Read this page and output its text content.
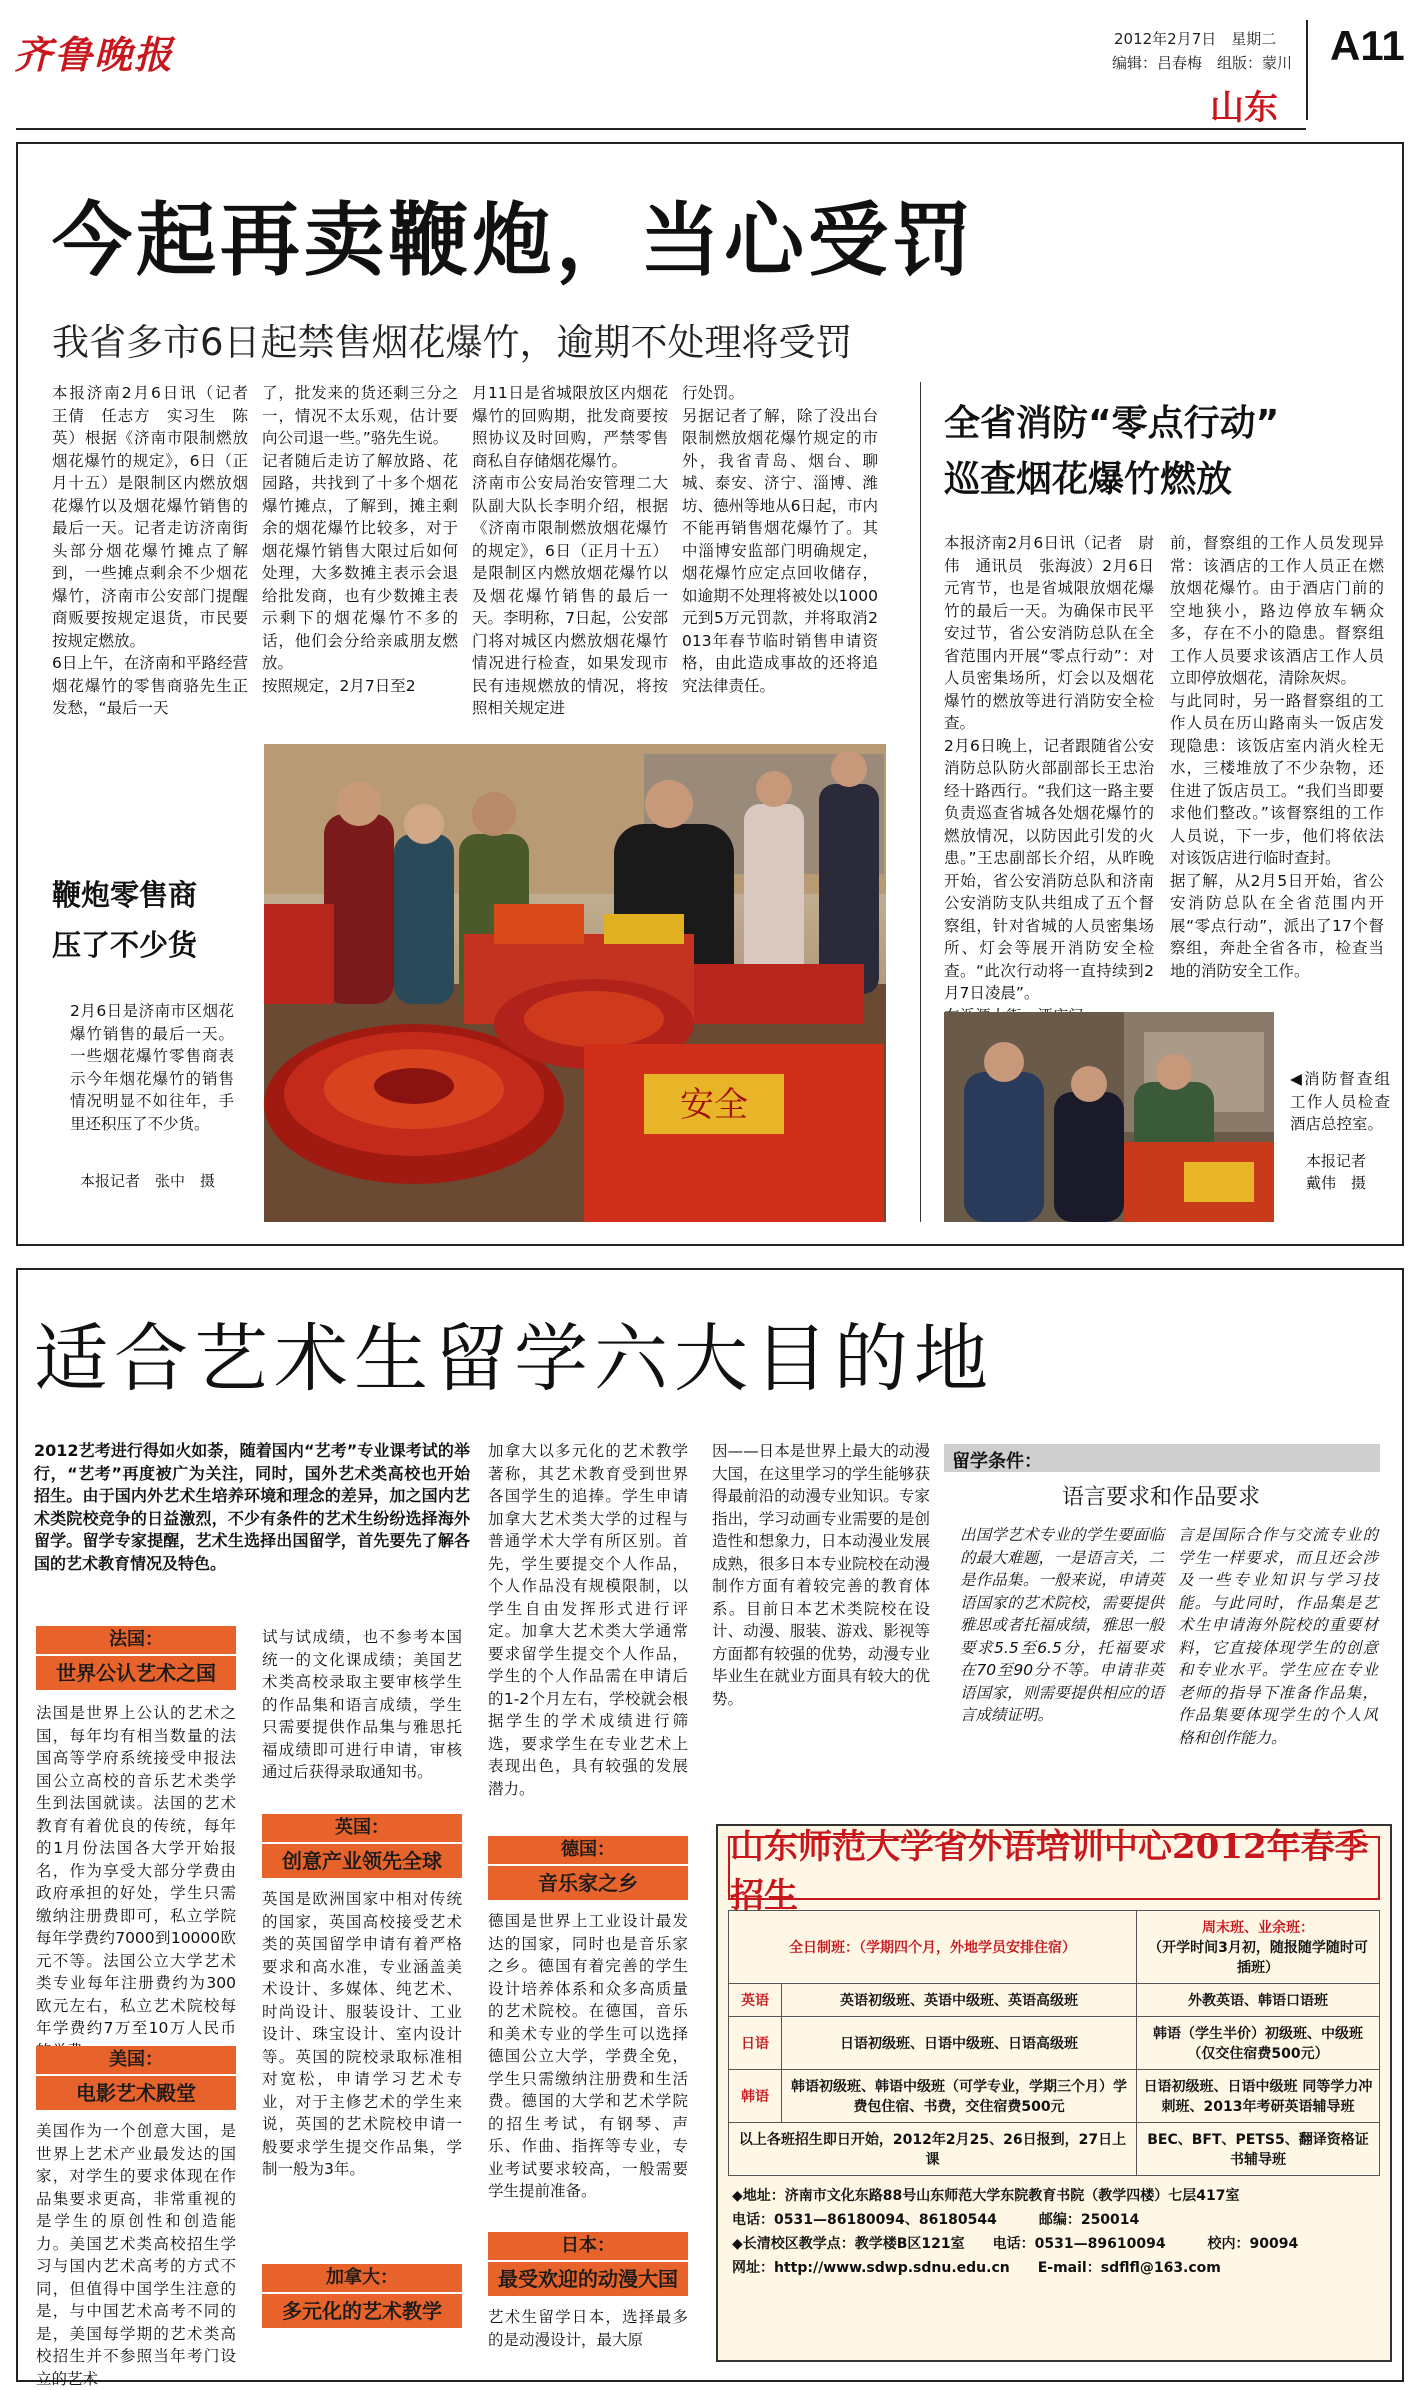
齐鲁晚报	2012年2月7日　星期二
编辑：吕春梅　组版：蒙川 A11
山东
今起再卖鞭炮，当心受罚
我省多市6日起禁售烟花爆竹，逾期不处理将受罚
本报济南2月6日讯（记者　王倩　任志方　实习生　陈英）根据《济南市限制燃放烟花爆竹的规定》，6日（正月十五）是限制区内燃放烟花爆竹以及烟花爆竹销售的最后一天。记者走访济南街头部分烟花爆竹摊点了解到，一些摊点剩余不少烟花爆竹，济南市公安部门提醒商贩要按规定退货，市民要按规定燃放。
6日上午，在济南和平路经营烟花爆竹的零售商骆先生正发愁，“最后一天
了，批发来的货还剩三分之一，情况不太乐观，估计要向公司退一些。”骆先生说。
记者随后走访了解放路、花园路，共找到了十多个烟花爆竹摊点，了解到，摊主剩余的烟花爆竹比较多，对于烟花爆竹销售大限过后如何处理，大多数摊主表示会退给批发商，也有少数摊主表示剩下的烟花爆竹不多的话，他们会分给亲戚朋友燃放。
按照规定，2月7日至2
月11日是省城限放区内烟花爆竹的回购期，批发商要按照协议及时回购，严禁零售商私自存储烟花爆竹。
济南市公安局治安管理二大队副大队长李明介绍，根据《济南市限制燃放烟花爆竹的规定》，6日（正月十五）是限制区内燃放烟花爆竹以及烟花爆竹销售的最后一天。李明称，7日起，公安部门将对城区内燃放烟花爆竹情况进行检查，如果发现市民有违规燃放的情况，将按照相关规定进
行处罚。
另据记者了解，除了没出台限制燃放烟花爆竹规定的市外，我省青岛、烟台、聊城、泰安、济宁、淄博、潍坊、德州等地从6日起，市内不能再销售烟花爆竹了。其中淄博安监部门明确规定，烟花爆竹应定点回收储存，如逾期不处理将被处以1000元到5万元罚款，并将取消2013年春节临时销售申请资格，由此造成事故的还将追究法律责任。
鞭炮零售商
压了不少货
2月6日是济南市区烟花爆竹销售的最后一天。一些烟花爆竹零售商表示今年烟花爆竹的销售情况明显不如往年，手里还积压了不少货。
本报记者　张中　摄
安全
全省消防“零点行动”
巡查烟花爆竹燃放
本报济南2月6日讯（记者　尉伟　通讯员　张海波）2月6日元宵节，也是省城限放烟花爆竹的最后一天。为确保市民平安过节，省公安消防总队在全省范围内开展“零点行动”：对人员密集场所，灯会以及烟花爆竹的燃放等进行消防安全检查。
2月6日晚上，记者跟随省公安消防总队防火部副部长王忠治经十路西行。“我们这一路主要负责巡查省城各处烟花爆竹的燃放情况，以防因此引发的火患。”王忠副部长介绍，从昨晚开始，省公安消防总队和济南公安消防支队共组成了五个督察组，针对省城的人员密集场所、灯会等展开消防安全检查。“此次行动将一直持续到2月7日凌晨”。

前，督察组的工作人员发现异常：该酒店的工作人员正在燃放烟花爆竹。由于酒店门前的空地狭小，路边停放车辆众多，存在不小的隐患。督察组工作人员要求该酒店工作人员立即停放烟花，清除灰烬。
与此同时，另一路督察组的工作人员在历山路南头一饭店发现隐患：该饭店室内消火栓无水，三楼堆放了不少杂物，还住进了饭店员工。“我们当即要求他们整改。”该督察组的工作人员说，下一步，他们将依法对该饭店进行临时查封。
据了解，从2月5日开始，省公安消防总队在全省范围内开展“零点行动”，派出了17个督察组，奔赴全省各市，检查当地的消防安全工作。
◀消防督查组工作人员检查酒店总控室。
本报记者
戴伟　摄
适合艺术生留学六大目的地
2012艺考进行得如火如荼，随着国内“艺考”专业课考试的举行，“艺考”再度被广为关注，同时，国外艺术类高校也开始招生。由于国内外艺术生培养环境和理念的差异，加之国内艺术类院校竞争的日益激烈，不少有条件的艺术生纷纷选择海外留学。留学专家提醒，艺术生选择出国留学，首先要先了解各国的艺术教育情况及特色。
法国：
世界公认艺术之国
法国是世界上公认的艺术之国，每年均有相当数量的法国高等学府系统接受申报法国公立高校的音乐艺术类学生到法国就读。法国的艺术教育有着优良的传统，每年的1月份法国各大学开始报名，作为享受大部分学费由政府承担的好处，学生只需缴纳注册费即可，私立学院每年学费约7000到10000欧元不等。法国公立大学艺术类专业每年注册费约为300欧元左右，私立艺术院校每年学费约7万至10万人民币
美国：
电影艺术殿堂
美国作为一个创意大国，是世界上艺术产业最发达的国家，对学生的要求体现在作品集要求更高，非常重视的是学生的原创性和创造能力。美国艺术类高校招生学习与国内艺术高考的方式不同，但值得中国学生注意的是，与中国艺术高考不同的是，美国每学期的艺术类高校招生并不参照当年考门设立的艺术
试与试成绩，也不参考本国统一的文化课成绩；美国艺术类高校录取主要审核学生的作品集和语言成绩，学生只需要提供作品集与雅思托福成绩即可进行申请，审核通过后获得录取通知书。
英国：
创意产业领先全球
英国是欧洲国家中相对传统的国家，英国高校接受艺术类的英国留学申请有着严格要求和高水准，专业涵盖美术设计、多媒体、纯艺术、时尚设计、服装设计、工业设计、珠宝设计、室内设计等。英国的院校录取标准相对宽松，申请学习艺术专业，对于主修艺术的学生来说，英国的艺术院校申请一般要求学生提交作品集，学制一般为3年。
加拿大：
多元化的艺术教学
加拿大以多元化的艺术教学著称，其艺术教育受到世界各国学生的追捧。学生申请加拿大艺术类大学的过程与普通学术大学有所区别。首先，学生要提交个人作品，个人作品没有规模限制，以学生自由发挥形式进行评定。加拿大艺术类大学通常要求留学生提交个人作品，学生的个人作品需在申请后的1-2个月左右，学校就会根据学生的学术成绩进行筛选，要求学生在专业艺术上表现出色，具有较强的发展潜力。
德国：
音乐家之乡
德国是世界上工业设计最发达的国家，同时也是音乐家之乡。德国有着完善的学生设计培养体系和众多高质量的艺术院校。在德国，音乐和美术专业的学生可以选择德国公立大学，学费全免，学生只需缴纳注册费和生活费。德国的大学和艺术学院的招生考试，有钢琴、声乐、作曲、指挥等专业，专业考试要求较高，一般需要学生提前准备。
日本：
最受欢迎的动漫大国
艺术生留学日本，选择最多的是动漫设计，最大原
因——日本是世界上最大的动漫大国，在这里学习的学生能够获得最前沿的动漫专业知识。专家指出，学习动画专业需要的是创造性和想象力，日本动漫业发展成熟，很多日本专业院校在动漫制作方面有着较完善的教育体系。目前日本艺术类院校在设计、动漫、服装、游戏、影视等方面都有较强的优势，动漫专业毕业生在就业方面具有较大的优势。
留学条件：
语言要求和作品要求
出国学艺术专业的学生要面临的最大难题，一是语言关，二是作品集。一般来说，申请英语国家的艺术院校，需要提供雅思或者托福成绩，雅思一般要求5.5至6.5分，托福要求在70至90分不等。申请非英语国家，则需要提供相应的语言成绩证明。
言是国际合作与交流专业的学生一样要求，而且还会涉及一些专业知识与学习技能。与此同时，作品集是艺术生申请海外院校的重要材料，它直接体现学生的创意和专业水平。学生应在专业老师的指导下准备作品集，作品集要体现学生的个人风格和创作能力。
山东师范大学省外语培训中心2012年春季招生
全日制班：（学期四个月，外地学员安排住宿）		周末班、业余班：
（开学时间3月初，随报随学随时可插班）

英语	英语初级班、英语中级班、英语高级班	外教英语、韩语口语班
日语	日语初级班、日语中级班、日语高级班	韩语（学生半价）初级班、中级班（仅交住宿费500元）
韩语	韩语初级班、韩语中级班（可学专业，学期三个月）学费包住宿、书费，交住宿费500元	日语初级班、日语中级班 同等学力冲刺班、2013年考研英语辅导班
以上各班招生即日开始，2012年2月25、26日报到，27日上课		BEC、BFT、PETS5、翻译资格证书辅导班
◆地址：济南市文化东路88号山东师范大学东院教育书院（教学四楼）七层417室
电话：0531—86180094、86180544　　　邮编：250014
◆长清校区教学点：教学楼B区121室　　电话：0531—89610094　　　校内：90094
网址：http://www.sdwp.sdnu.edu.cn　　E-mail：sdflfl@163.com
